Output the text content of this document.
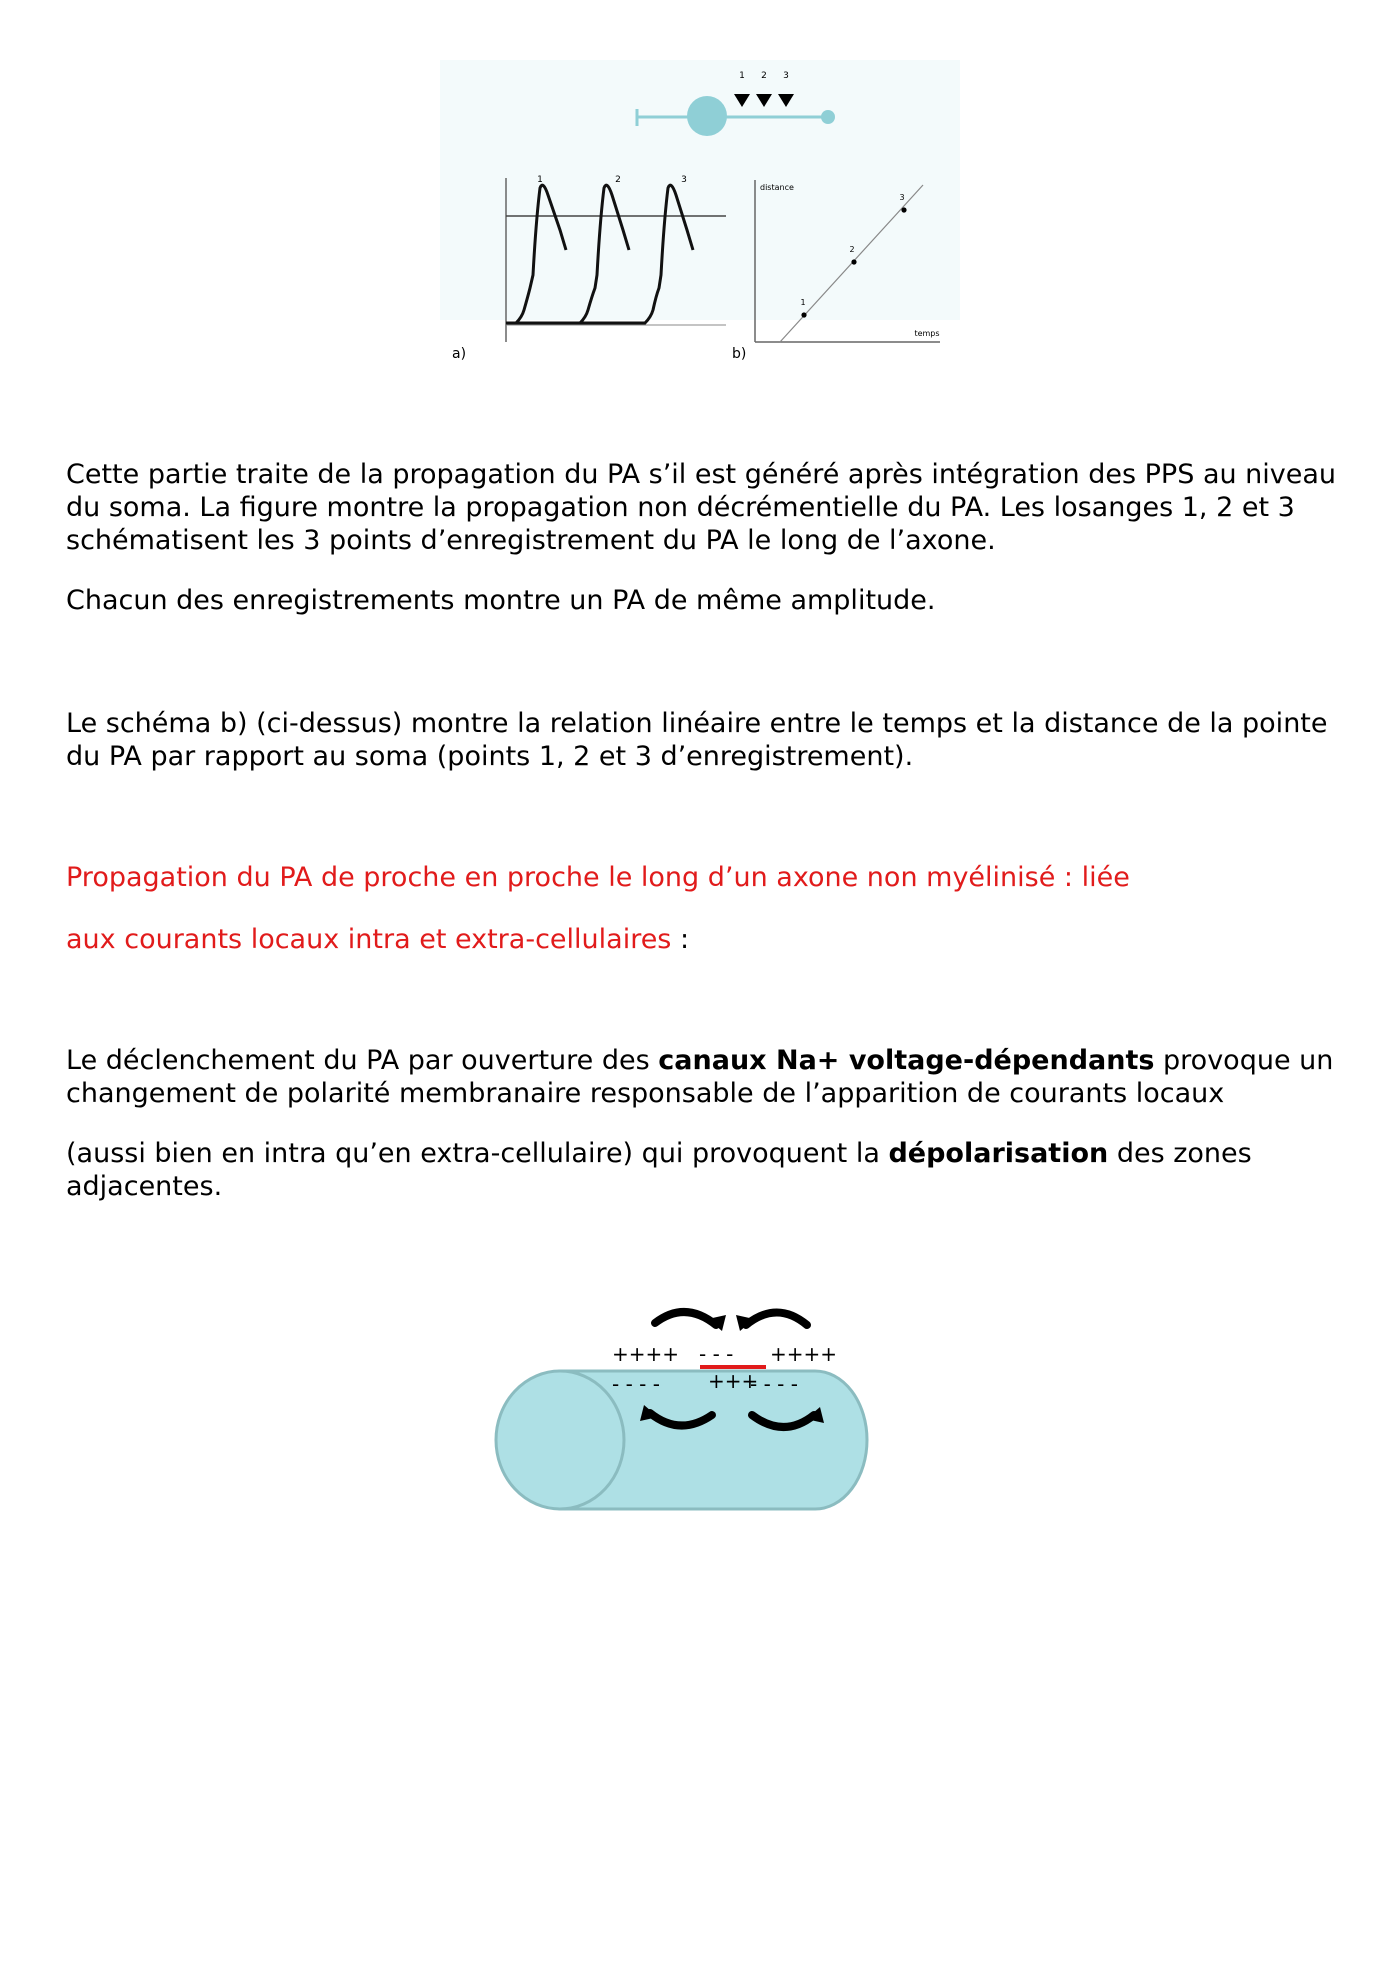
1 2 3
1	2	3
a)
1
2
3
distance
temps
b)

Cette partie traite de la propagation du PA s’il est généré après intégration des PPS au niveau du soma. La figure montre la propagation non décrémentielle du PA. Les losanges 1, 2 et 3 schématisent les 3 points d’enregistrement du PA le long de l’axone.

Chacun des enregistrements montre un PA de même amplitude.

Le schéma b) (ci-dessus) montre la relation linéaire entre le temps et la distance de la pointe du PA par rapport au soma (points 1, 2 et 3 d’enregistrement).

Propagation du PA de proche en proche le long d’un axone non myélinisé : liée

aux courants locaux intra et extra-cellulaires :

Le déclenchement du PA par ouverture des canaux Na+ voltage-dépendants provoque un changement de polarité membranaire responsable de l’apparition de courants locaux

(aussi bien en intra qu’en extra-cellulaire) qui provoquent la dépolarisation des zones adjacentes.

++++ - - - ++++
- - - - +++
- - - -
